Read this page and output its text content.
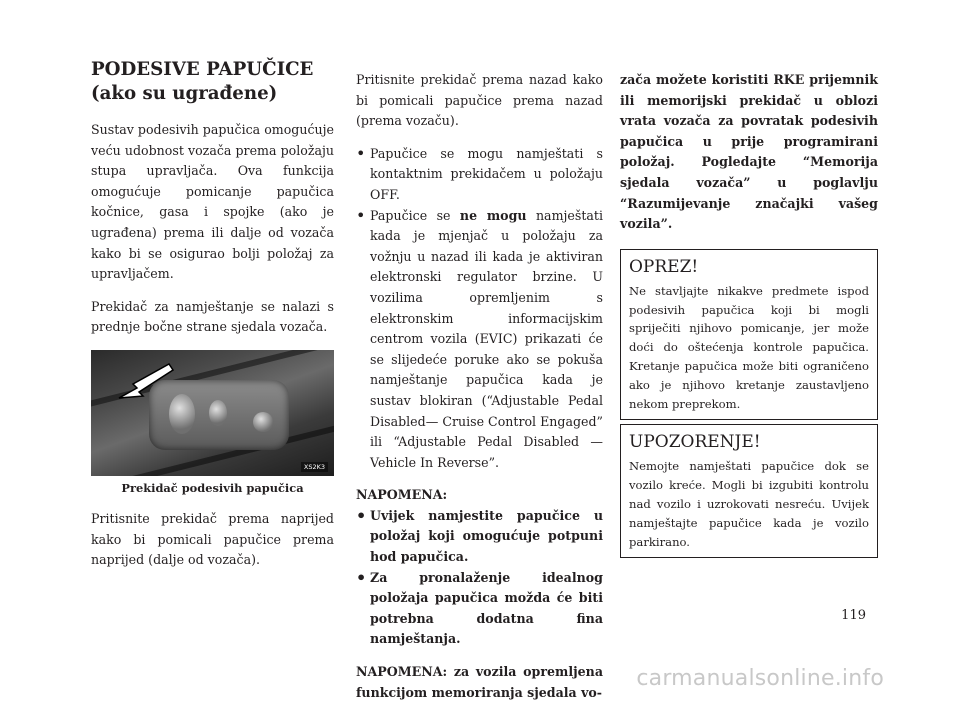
PODESIVE PAPUČICE
(ako su ugrađene)

Sustav podesivih papučica omogućuje veću udobnost vozača prema položaju stupa upravljača. Ova funkcija omogućuje pomicanje papučica kočnice, gasa i spojke (ako je ugrađena) prema ili dalje od vozača kako bi se osigurao bolji položaj za upravljačem.

Prekidač za namještanje se nalazi s prednje bočne strane sjedala vozača.

XS2K3
Prekidač podesivih papučica

Pritisnite prekidač prema naprijed kako bi pomicali papučice prema naprijed (dalje od vozača).

Pritisnite prekidač prema nazad kako bi pomicali papučice prema nazad (prema vozaču).

• Papučice se mogu namještati s kontaktnim prekidačem u položaju OFF.

• Papučice se ne mogu namještati kada je mjenjač u položaju za vožnju u nazad ili kada je aktiviran elektronski regulator brzine. U vozilima opremljenim s elektronskim informacijskim centrom vozila (EVIC) prikazati će se slijedeće poruke ako se pokuša namještanje papučica kada je sustav blokiran (“Adjustable Pedal Disabled— Cruise Control Engaged” ili “Adjustable Pedal Disabled — Vehicle In Reverse”.

NAPOMENA:
• Uvijek namjestite papučice u položaj koji omogućuje potpuni hod papučica.

• Za pronalaženje idealnog položaja papučica možda će biti potrebna dodatna fina namještanja.

NAPOMENA: za vozila opremljena funkcijom memoriranja sjedala vo-

zača možete koristiti RKE prijemnik ili memorijski prekidač u oblozi vrata vozača za povratak podesivih papučica u prije programirani položaj. Pogledajte “Memorija sjedala vozača” u poglavlju “Razumijevanje značajki vašeg vozila”.

OPREZ!

Ne stavljajte nikakve predmete ispod podesivih papučica koji bi mogli spriječiti njihovo pomicanje, jer može doći do oštećenja kontrole papučica. Kretanje papučica može biti ograničeno ako je njihovo kretanje zaustavljeno nekom preprekom.

UPOZORENJE!

Nemojte namještati papučice dok se vozilo kreće. Mogli bi izgubiti kontrolu nad vozilo i uzrokovati nesreću. Uvijek namještajte papučice kada je vozilo parkirano.

119
carmanualsonline.info
